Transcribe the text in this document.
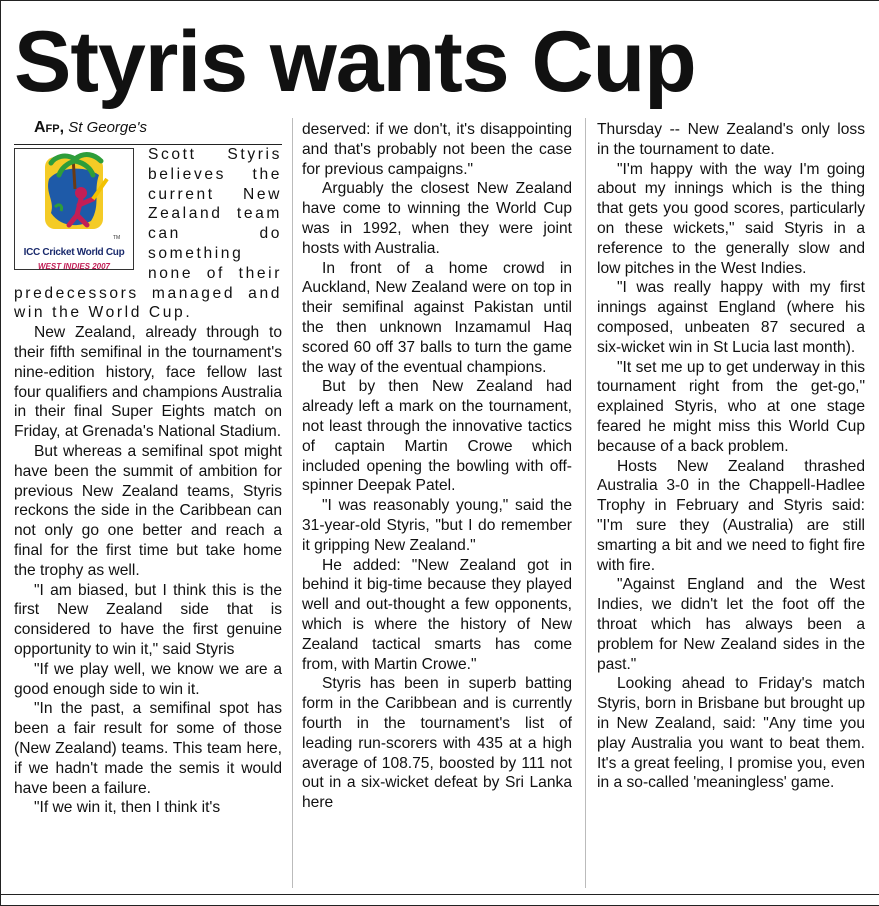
Styris wants Cup

Afp, St George's

TM
ICC Cricket World Cup
WEST INDIES 2007

Scott Styris believes the current New Zealand team can do something none of their predecessors managed and win the World Cup.

New Zealand, already through to their fifth semifinal in the tournament's nine-edition history, face fellow last four qualifiers and champions Australia in their final Super Eights match on Friday, at Grenada's National Stadium.

But whereas a semifinal spot might have been the summit of ambition for previous New Zealand teams, Styris reckons the side in the Caribbean can not only go one better and reach a final for the first time but take home the trophy as well.

"I am biased, but I think this is the first New Zealand side that is considered to have the first genuine opportunity to win it," said Styris

"If we play well, we know we are a good enough side to win it.

"In the past, a semifinal spot has been a fair result for some of those (New Zealand) teams. This team here, if we hadn't made the semis it would have been a failure.

"If we win it, then I think it's

deserved: if we don't, it's disappointing and that's probably not been the case for previous campaigns."

Arguably the closest New Zealand have come to winning the World Cup was in 1992, when they were joint hosts with Australia.

In front of a home crowd in Auckland, New Zealand were on top in their semifinal against Pakistan until the then unknown Inzamamul Haq scored 60 off 37 balls to turn the game the way of the eventual champions.

But by then New Zealand had already left a mark on the tournament, not least through the innovative tactics of captain Martin Crowe which included opening the bowling with off-spinner Deepak Patel.

"I was reasonably young," said the 31-year-old Styris, "but I do remember it gripping New Zealand."

He added: "New Zealand got in behind it big-time because they played well and out-thought a few opponents, which is where the history of New Zealand tactical smarts has come from, with Martin Crowe."

Styris has been in superb batting form in the Caribbean and is currently fourth in the tournament's list of leading run-scorers with 435 at a high average of 108.75, boosted by 111 not out in a six-wicket defeat by Sri Lanka here

Thursday -- New Zealand's only loss in the tournament to date.

"I'm happy with the way I'm going about my innings which is the thing that gets you good scores, particularly on these wickets," said Styris in a reference to the generally slow and low pitches in the West Indies.

"I was really happy with my first innings against England (where his composed, unbeaten 87 secured a six-wicket win in St Lucia last month).

"It set me up to get underway in this tournament right from the get-go," explained Styris, who at one stage feared he might miss this World Cup because of a back problem.

Hosts New Zealand thrashed Australia 3-0 in the Chappell-Hadlee Trophy in February and Styris said: "I'm sure they (Australia) are still smarting a bit and we need to fight fire with fire.

"Against England and the West Indies, we didn't let the foot off the throat which has always been a problem for New Zealand sides in the past."

Looking ahead to Friday's match Styris, born in Brisbane but brought up in New Zealand, said: "Any time you play Australia you want to beat them. It's a great feeling, I promise you, even in a so-called 'meaningless' game.
